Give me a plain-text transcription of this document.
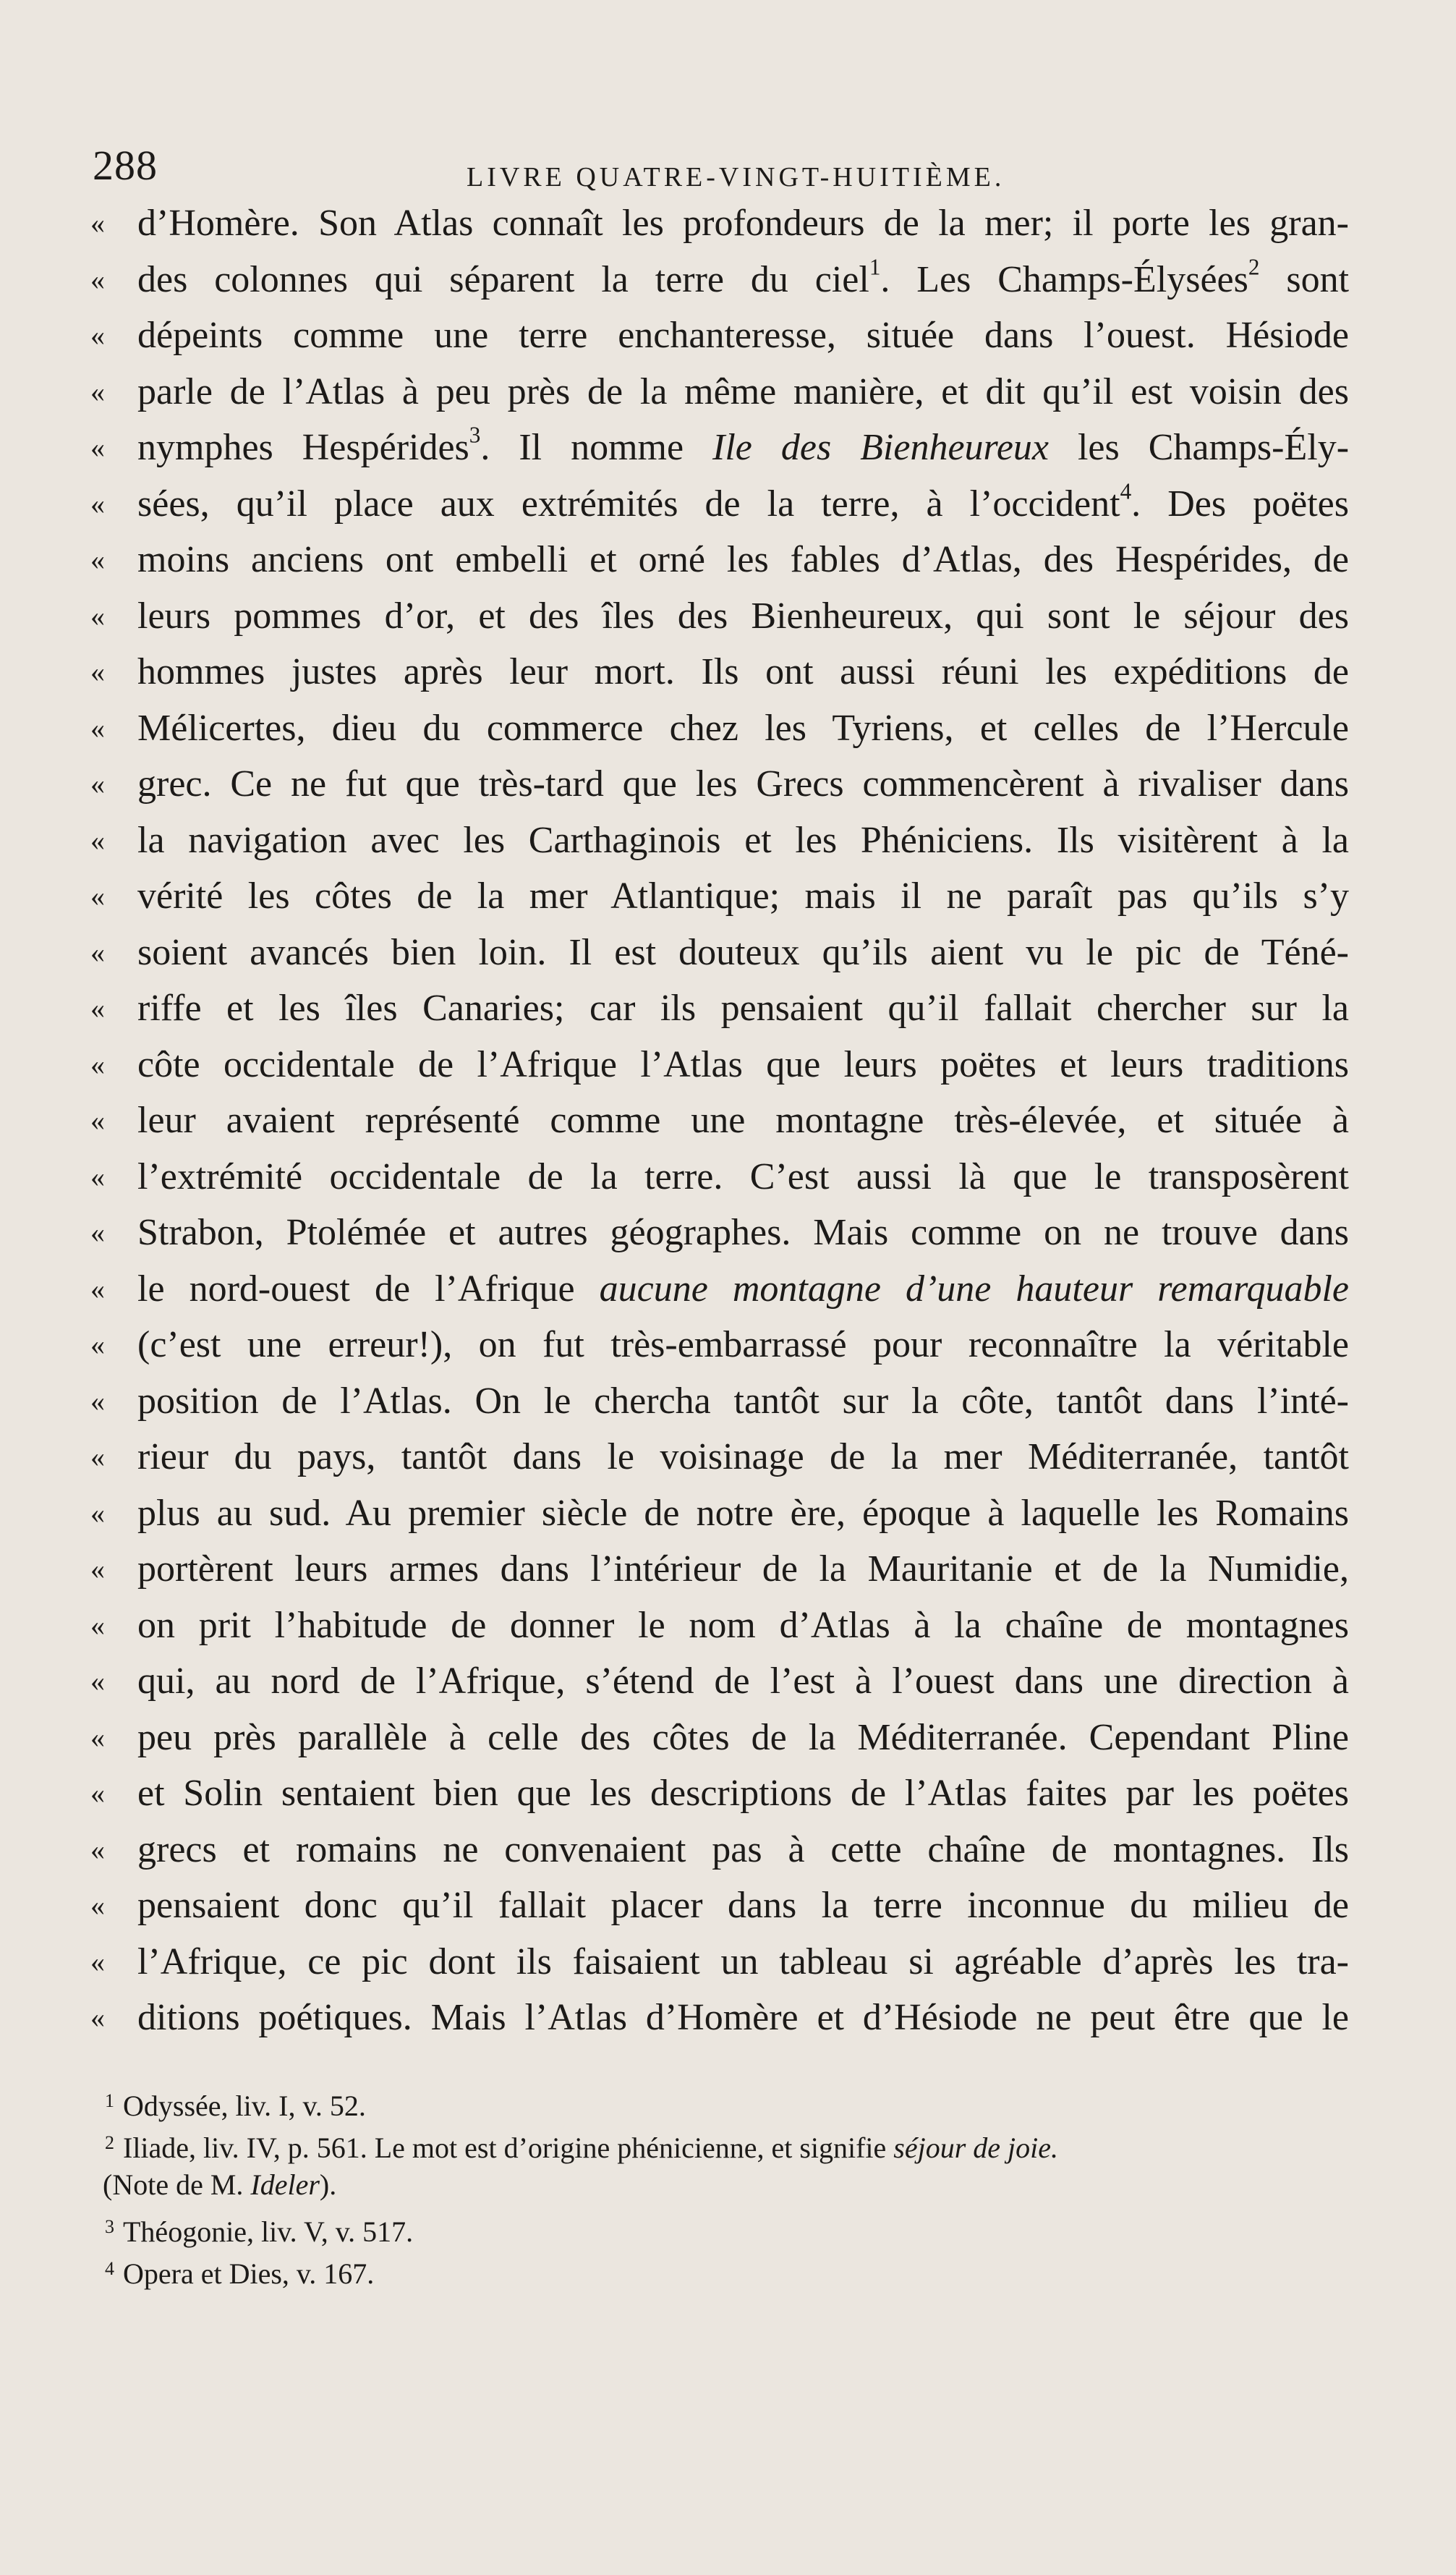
288	LIVRE QUATRE-VINGT-HUITIÈME.
« d’Homère. Son Atlas connaît les profondeurs de la mer; il porte les gran-
« des colonnes qui séparent la terre du ciel$^1$. Les Champs-Élysées$^2$ sont
« dépeints comme une terre enchanteresse, située dans l’ouest. Hésiode
« parle de l’Atlas à peu près de la même manière, et dit qu’il est voisin des
« nymphes Hespérides$^3$. Il nomme Ile des Bienheureux les Champs-Ély-
« sées, qu’il place aux extrémités de la terre, à l’occident$^4$. Des poëtes
« moins anciens ont embelli et orné les fables d’Atlas, des Hespérides, de
« leurs pommes d’or, et des îles des Bienheureux, qui sont le séjour des
« hommes justes après leur mort. Ils ont aussi réuni les expéditions de
« Mélicertes, dieu du commerce chez les Tyriens, et celles de l’Hercule
« grec. Ce ne fut que très-tard que les Grecs commencèrent à rivaliser dans
« la navigation avec les Carthaginois et les Phéniciens. Ils visitèrent à la
« vérité les côtes de la mer Atlantique; mais il ne paraît pas qu’ils s’y
« soient avancés bien loin. Il est douteux qu’ils aient vu le pic de Téné-
« riffe et les îles Canaries; car ils pensaient qu’il fallait chercher sur la
« côte occidentale de l’Afrique l’Atlas que leurs poëtes et leurs traditions
« leur avaient représenté comme une montagne très-élevée, et située à
« l’extrémité occidentale de la terre. C’est aussi là que le transposèrent
« Strabon, Ptolémée et autres géographes. Mais comme on ne trouve dans
« le nord-ouest de l’Afrique aucune montagne d’une hauteur remarquable
« (c’est une erreur!), on fut très-embarrassé pour reconnaître la véritable
« position de l’Atlas. On le chercha tantôt sur la côte, tantôt dans l’inté-
« rieur du pays, tantôt dans le voisinage de la mer Méditerranée, tantôt
« plus au sud. Au premier siècle de notre ère, époque à laquelle les Romains
« portèrent leurs armes dans l’intérieur de la Mauritanie et de la Numidie,
« on prit l’habitude de donner le nom d’Atlas à la chaîne de montagnes
« qui, au nord de l’Afrique, s’étend de l’est à l’ouest dans une direction à
« peu près parallèle à celle des côtes de la Méditerranée. Cependant Pline
« et Solin sentaient bien que les descriptions de l’Atlas faites par les poëtes
« grecs et romains ne convenaient pas à cette chaîne de montagnes. Ils
« pensaient donc qu’il fallait placer dans la terre inconnue du milieu de
« l’Afrique, ce pic dont ils faisaient un tableau si agréable d’après les tra-
« ditions poétiques. Mais l’Atlas d’Homère et d’Hésiode ne peut être que le
1 Odyssée, liv. I, v. 52.
2 Iliade, liv. IV, p. 561. Le mot est d’origine phénicienne, et signifie séjour de joie.
(Note de M. Ideler).
3 Théogonie, liv. V, v. 517.
4 Opera et Dies, v. 167.
